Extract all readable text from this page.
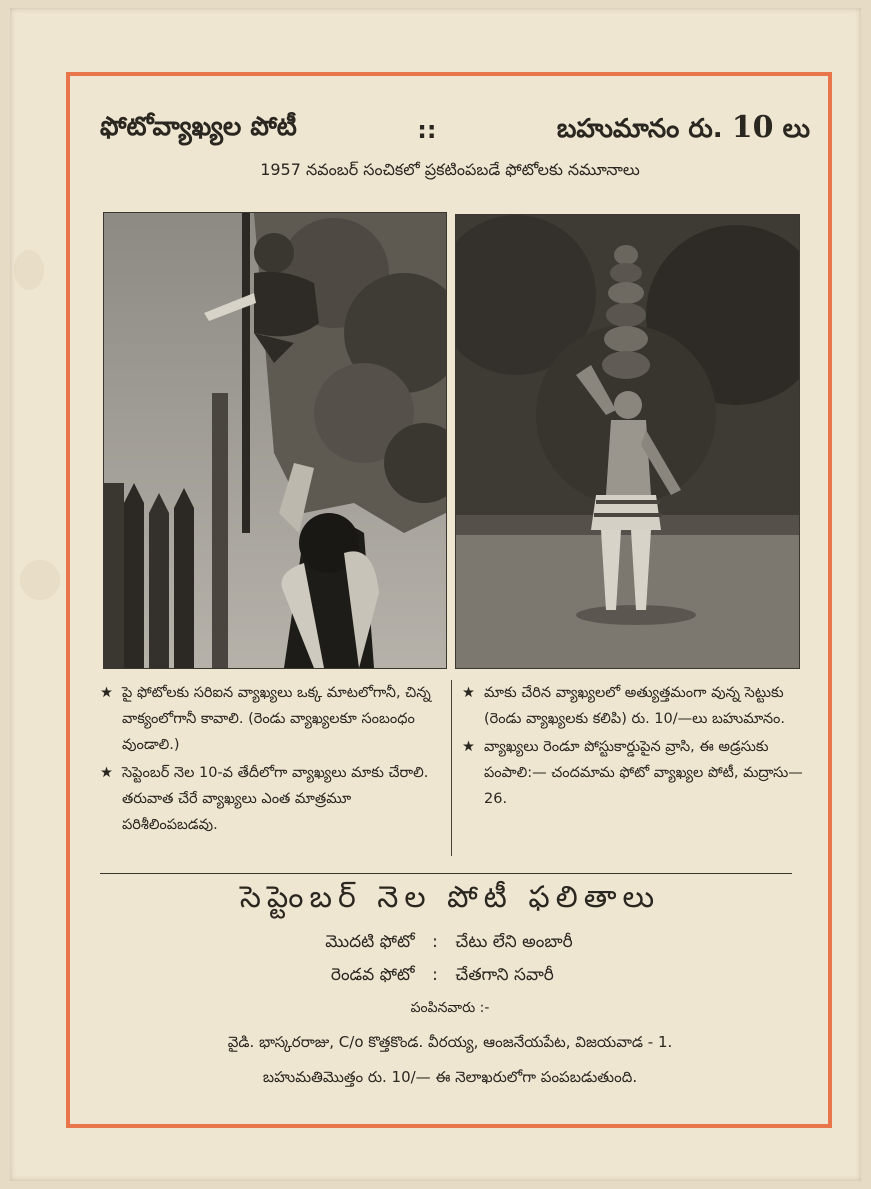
ఫోటోవ్యాఖ్యల పోటీ	::	బహుమానం రు. 10 లు
1957 నవంబర్ సంచికలో ప్రకటింపబడే ఫోటోలకు నమూనాలు
★ పై ఫోటోలకు సరిఐన వ్యాఖ్యలు ఒక్క మాటలోగానీ, చిన్న వాక్యంలోగానీ కావాలి. (రెండు వ్యాఖ్యలకూ సంబంధం వుండాలి.)
★ సెప్టెంబర్ నెల 10-వ తేదీలోగా వ్యాఖ్యలు మాకు చేరాలి. తరువాత చేరే వ్యాఖ్యలు ఎంత మాత్రమూ పరిశీలింపబడవు.
★ మాకు చేరిన వ్యాఖ్యలలో అత్యుత్తమంగా వున్న సెట్టుకు (రెండు వ్యాఖ్యలకు కలిపి) రు. 10/—లు బహుమానం.
★ వ్యాఖ్యలు రెండూ పోస్టుకార్డుపైన వ్రాసి, ఈ అడ్రసుకు పంపాలి:— చందమామ ఫోటో వ్యాఖ్యల పోటీ, మద్రాసు—26.
సెప్టెంబర్ నెల పోటీ ఫలితాలు
మొదటి ఫోటో : చేటు లేని అంబారీ
రెండవ ఫోటో : చేతగాని సవారీ
పంపినవారు :-
వైడి. భాస్కరరాజు, C/o కొత్తకొండ. వీరయ్య, ఆంజనేయపేట, విజయవాడ - 1.
బహుమతిమొత్తం రు. 10/— ఈ నెలాఖరులోగా పంపబడుతుంది.
